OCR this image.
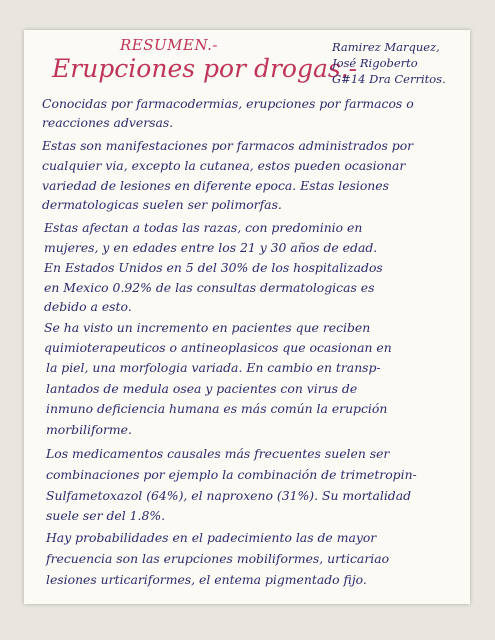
RESUMEN.-
Erupciones por drogas.-
Ramirez Marquez,
José Rigoberto
G#14 Dra Cerritos.
Conocidas por farmacodermias, erupciones por farmacos o
reacciones adversas.
Estas son manifestaciones por farmacos administrados por
cualquier via, excepto la cutanea, estos pueden ocasionar
variedad de lesiones en diferente epoca. Estas lesiones
dermatologicas suelen ser polimorfas.
Estas afectan a todas las razas, con predominio en
mujeres, y en edades entre los 21 y 30 años de edad.
En Estados Unidos en 5 del 30% de los hospitalizados
en Mexico 0.92% de las consultas dermatologicas es
debido a esto.
Se ha visto un incremento en pacientes que reciben
quimioterapeuticos o antineoplasicos que ocasionan en
la piel, una morfologia variada. En cambio en transp-
lantados de medula osea y pacientes con virus de
inmuno deficiencia humana es más común la erupción
morbiliforme.
Los medicamentos causales más frecuentes suelen ser
combinaciones por ejemplo la combinación de trimetropin-
Sulfametoxazol (64%), el naproxeno (31%). Su mortalidad
suele ser del 1.8%.
Hay probabilidades en el padecimiento las de mayor
frecuencia son las erupciones mobiliformes, urticariao
lesiones urticariformes, el entema pigmentado fijo.
